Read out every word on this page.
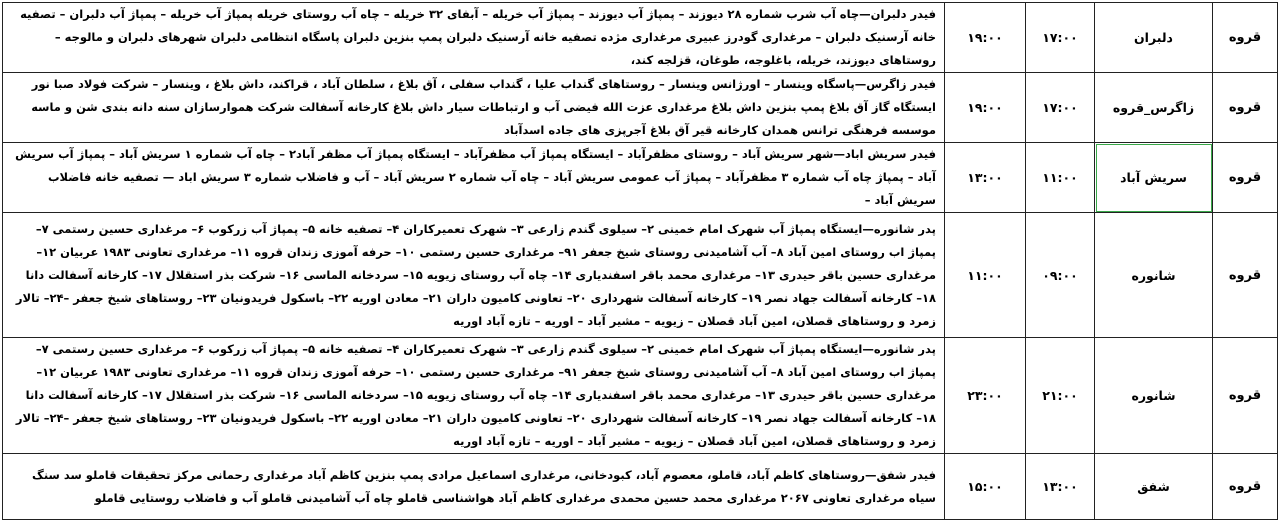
قروه	دلبران	۱۷:۰۰	۱۹:۰۰	فیدر دلبران—چاه آب شرب شماره ۲۸ دیوزند – پمپاژ آب دیوزند – پمپاژ آب خریله – آبفای ۳۲ خریله – چاه آب روستای خریله پمپاژ آب خریله – پمپاژ آب دلبران – تصفیه خانه آرسنیک دلبران – مرغداری گودرز عبیری مرغداری مژده تصفیه خانه آرسنیک دلبران پمپ بنزین دلبران پاسگاه انتظامی دلبران شهرهای دلبران و مالوجه – روستاهای دیوزند، خریله، باغلوجه، طوغان، قزلجه کند،
قروه	زاگرس_قروه	۱۷:۰۰	۱۹:۰۰	فیدر زاگرس—پاسگاه وینسار – اورژانس وینسار – روستاهای گنداب علیا ، گنداب سفلی ، آق بلاغ ، سلطان آباد ، قراکند، داش بلاغ ، وینسار – شرکت فولاد صبا نور ایستگاه گاز آق بلاغ پمپ بنزین داش بلاغ مرغداری عزت الله فیضی آب و ارتباطات سیار داش بلاغ کارخانه آسفالت شرکت هموارسازان سنه دانه بندی شن و ماسه موسسه فرهنگی ترانس همدان کارخانه قیر آق بلاغ آجرپزی های جاده اسدآباد
قروه	سریش آباد	۱۱:۰۰	۱۳:۰۰	فیدر سریش اباد—شهر سریش آباد – روستای مظفرآباد – ایستگاه پمپاژ آب مظفرآباد – ایستگاه پمپاژ آب مظفر آباد۲ – چاه آب شماره ۱ سریش آباد – پمپاژ آب سریش آباد – پمپاژ چاه آب شماره ۳ مظفرآباد – پمپاژ آب عمومی سریش آباد – چاه آب شماره ۲ سریش آباد – آب و فاضلاب شماره ۳ سریش اباد — تصفیه خانه فاضلاب سریش آباد –
قروه	شانوره	۰۹:۰۰	۱۱:۰۰	پدر شانوره—ایستگاه پمپاژ آب شهرک امام خمینی ۲– سیلوی گندم زارعی ۳– شهرک تعمیرکاران ۴– تصفیه خانه ۵– پمپاژ آب زرکوب ۶– مرغداری حسین رستمی ۷– پمپاژ اب روستای امین آباد ۸– آب آشامیدنی روستای شیخ جعفر ۹۱– مرغداری حسین رستمی ۱۰– حرفه آموزی زندان قروه ۱۱– مرغداری تعاونی ۱۹۸۳ عربیان ۱۲– مرغداری حسین باقر حیدری ۱۳– مرغداری محمد باقر اسفندیاری ۱۴– چاه آب روستای زیویه ۱۵– سردخانه الماسی ۱۶– شرکت بذر استقلال ۱۷– کارخانه آسفالت دانا ۱۸– کارخانه آسفالت جهاد نصر ۱۹– کارخانه آسفالت شهرداری ۲۰– تعاونی کامیون داران ۲۱– معادن اوریه ۲۲– باسکول فریدونیان ۲۳– روستاهای شیخ جعفر –۲۴– تالار زمرد و روستاهای قصلان، امین آباد قصلان – زیویه – مشیر آباد – اوریه – تازه آباد اوریه
قروه	شانوره	۲۱:۰۰	۲۳:۰۰	پدر شانوره—ایستگاه پمپاژ آب شهرک امام خمینی ۲– سیلوی گندم زارعی ۳– شهرک تعمیرکاران ۴– تصفیه خانه ۵– پمپاژ آب زرکوب ۶– مرغداری حسین رستمی ۷– پمپاژ اب روستای امین آباد ۸– آب آشامیدنی روستای شیخ جعفر ۹۱– مرغداری حسین رستمی ۱۰– حرفه آموزی زندان قروه ۱۱– مرغداری تعاونی ۱۹۸۳ عربیان ۱۲– مرغداری حسین باقر حیدری ۱۳– مرغداری محمد باقر اسفندیاری ۱۴– چاه آب روستای زیویه ۱۵– سردخانه الماسی ۱۶– شرکت بذر استقلال ۱۷– کارخانه آسفالت دانا ۱۸– کارخانه آسفالت جهاد نصر ۱۹– کارخانه آسفالت شهرداری ۲۰– تعاونی کامیون داران ۲۱– معادن اوریه ۲۲– باسکول فریدونیان ۲۳– روستاهای شیخ جعفر –۲۴– تالار زمرد و روستاهای قصلان، امین آباد قصلان – زیویه – مشیر آباد – اوریه – تازه آباد اوریه
قروه	شفق	۱۳:۰۰	۱۵:۰۰	فیدر شفق—روستاهای کاظم آباد، قاملو، معصوم آباد، کبودخانی، مرغداری اسماعیل مرادی پمپ بنزین کاظم آباد مرغداری رحمانی مرکز تحقیقات قاملو سد سنگ سیاه مرغداری تعاونی ۲۰۶۷ مرغداری محمد حسین محمدی مرغداری کاظم آباد هواشناسی قاملو چاه آب آشامیدنی قاملو آب و فاضلاب روستایی قاملو
